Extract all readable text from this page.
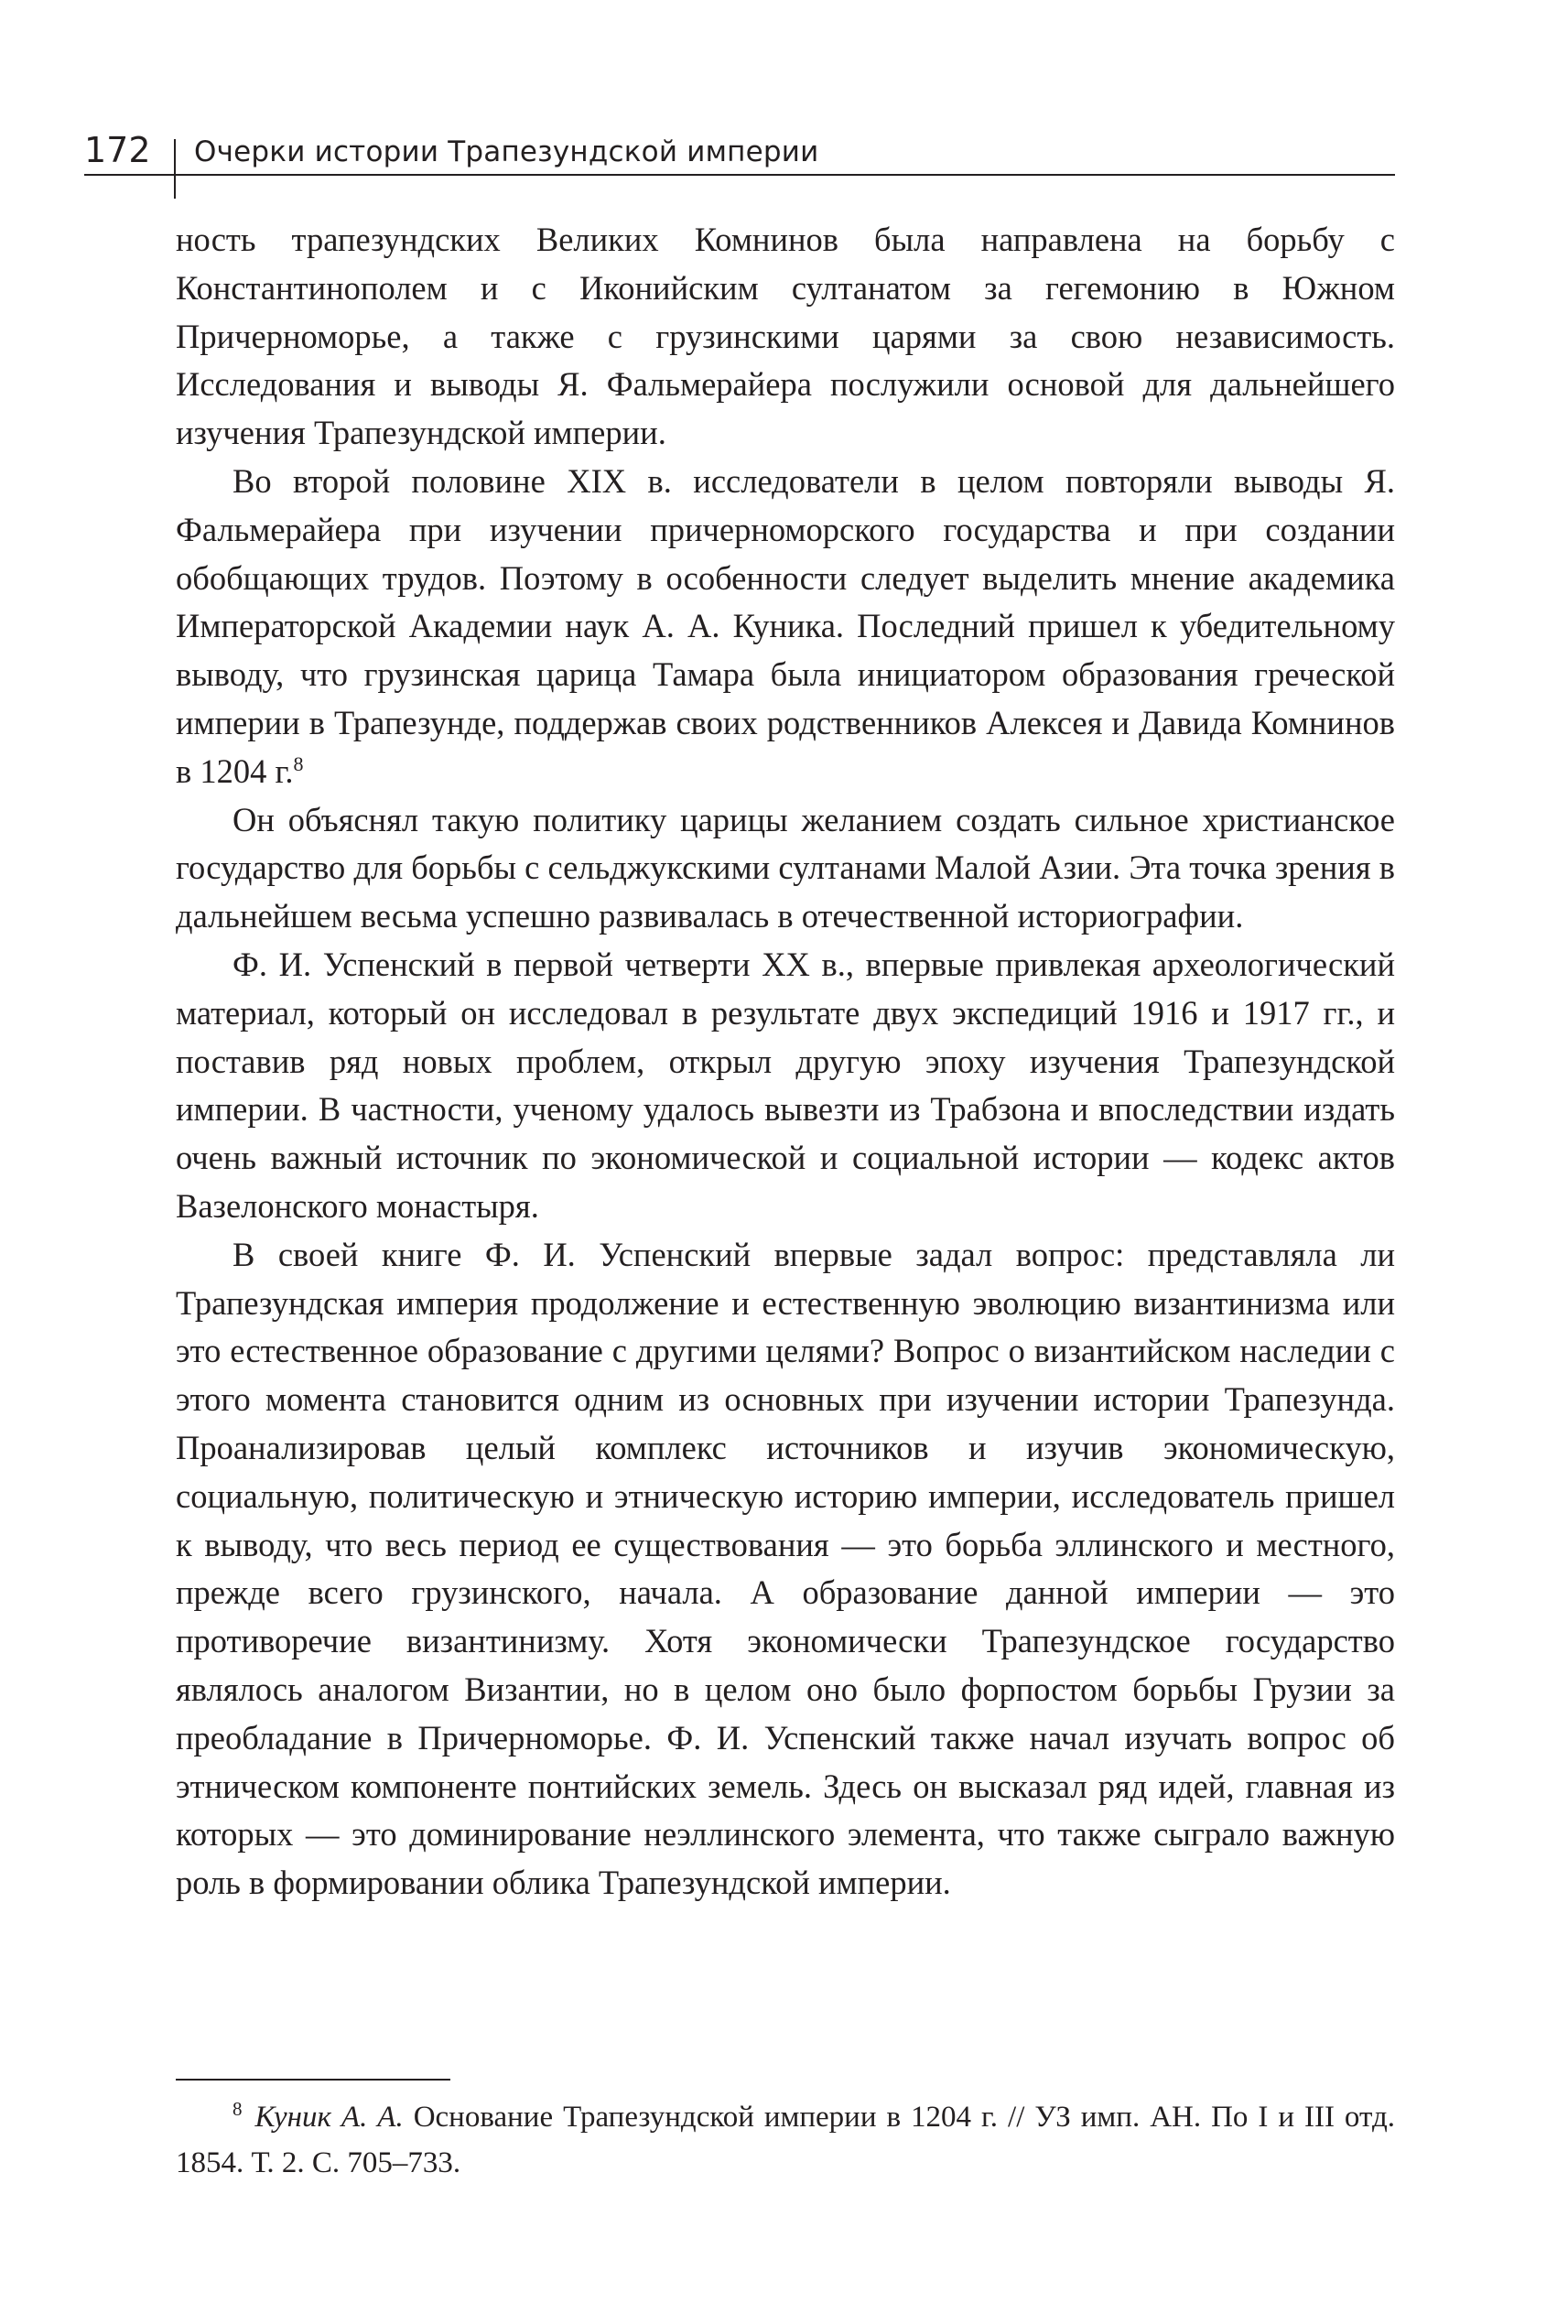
172 Очерки истории Трапезундской империи

ность трапезундских Великих Комнинов была направлена на борьбу с Константинополем и с Иконийским султанатом за гегемонию в Южном Причерноморье, а также с грузинскими царями за свою независимость. Исследования и выводы Я. Фальмерайера послужили основой для дальнейшего изучения Трапезундской империи.

Во второй половине XIX в. исследователи в целом повторяли выводы Я. Фальмерайера при изучении причерноморского государства и при создании обобщающих трудов. Поэтому в особенности следует выделить мнение академика Императорской Академии наук А. А. Куника. Последний пришел к убедительному выводу, что грузинская царица Тамара была инициатором образования греческой империи в Трапезунде, поддержав своих родственников Алексея и Давида Комнинов в 1204 г.$^8$

Он объяснял такую политику царицы желанием создать сильное христианское государство для борьбы с сельджукскими султанами Малой Азии. Эта точка зрения в дальнейшем весьма успешно развивалась в отечественной историографии.

Ф. И. Успенский в первой четверти XX в., впервые привлекая археологический материал, который он исследовал в результате двух экспедиций 1916 и 1917 гг., и поставив ряд новых проблем, открыл другую эпоху изучения Трапезундской империи. В частности, ученому удалось вывезти из Трабзона и впоследствии издать очень важный источник по экономической и социальной истории — кодекс актов Вазелонского монастыря.

В своей книге Ф. И. Успенский впервые задал вопрос: представляла ли Трапезундская империя продолжение и естественную эволюцию византинизма или это естественное образование с другими целями? Вопрос о византийском наследии с этого момента становится одним из основных при изучении истории Трапезунда. Проанализировав целый комплекс источников и изучив экономическую, социальную, политическую и этническую историю империи, исследователь пришел к выводу, что весь период ее существования — это борьба эллинского и местного, прежде всего грузинского, начала. А образование данной империи — это противоречие византинизму. Хотя экономически Трапезундское государство являлось аналогом Византии, но в целом оно было форпостом борьбы Грузии за преобладание в Причерноморье. Ф. И. Успенский также начал изучать вопрос об этническом компоненте понтийских земель. Здесь он высказал ряд идей, главная из которых — это доминирование неэллинского элемента, что также сыграло важную роль в формировании облика Трапезундской империи.

$^8$ Куник А. А. Основание Трапезундской империи в 1204 г. // УЗ имп. АН. По I и III отд. 1854. Т. 2. С. 705–733.
